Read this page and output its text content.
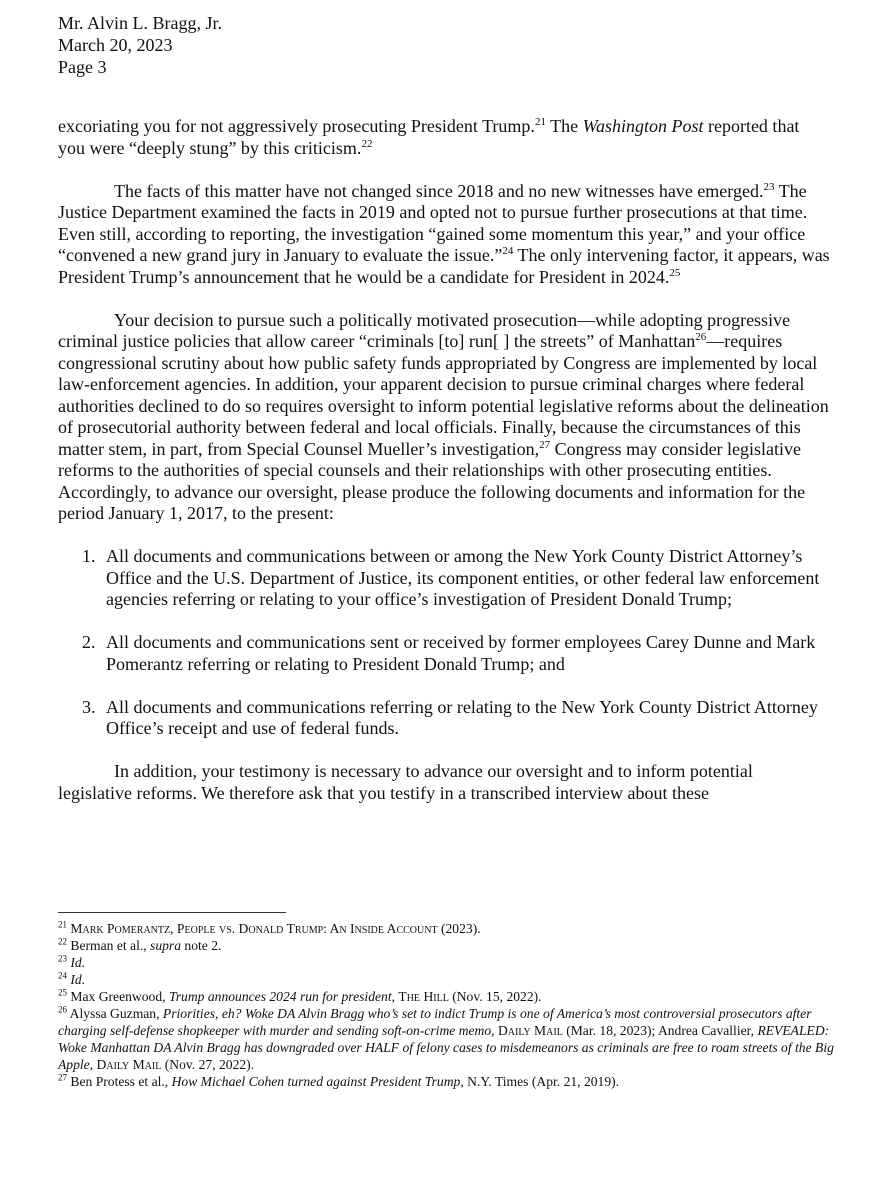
Mr. Alvin L. Bragg, Jr.
March 20, 2023
Page 3

excoriating you for not aggressively prosecuting President Trump.$^{21}$ The Washington Post reported that you were “deeply stung” by this criticism.$^{22}$

The facts of this matter have not changed since 2018 and no new witnesses have emerged.$^{23}$ The Justice Department examined the facts in 2019 and opted not to pursue further prosecutions at that time. Even still, according to reporting, the investigation “gained some momentum this year,” and your office “convened a new grand jury in January to evaluate the issue.”$^{24}$ The only intervening factor, it appears, was President Trump’s announcement that he would be a candidate for President in 2024.25

Your decision to pursue such a politically motivated prosecution—while adopting progressive criminal justice policies that allow career “criminals [to] run[ ] the streets” of Manhattan$^{26}$—requires congressional scrutiny about how public safety funds appropriated by Congress are implemented by local law-enforcement agencies. In addition, your apparent decision to pursue criminal charges where federal authorities declined to do so requires oversight to inform potential legislative reforms about the delineation of prosecutorial authority between federal and local officials. Finally, because the circumstances of this matter stem, in part, from Special Counsel Mueller’s investigation,$^{27}$ Congress may consider legislative reforms to the authorities of special counsels and their relationships with other prosecuting entities. Accordingly, to advance our oversight, please produce the following documents and information for the period January 1, 2017, to the present:

1. All documents and communications between or among the New York County District Attorney’s Office and the U.S. Department of Justice, its component entities, or other federal law enforcement agencies referring or relating to your office’s investigation of President Donald Trump;
2. All documents and communications sent or received by former employees Carey Dunne and Mark Pomerantz referring or relating to President Donald Trump; and
3. All documents and communications referring or relating to the New York County District Attorney Office’s receipt and use of federal funds.

In addition, your testimony is necessary to advance our oversight and to inform potential legislative reforms. We therefore ask that you testify in a transcribed interview about these

$^{21}$ Mark Pomerantz, People vs. Donald Trump: An Inside Account (2023).
$^{22}$ Berman et al., supra note 2.
$^{23}$ Id.
$^{24}$ Id.
$^{25}$ Max Greenwood, Trump announces 2024 run for president, The Hill (Nov. 15, 2022).
$^{26}$ Alyssa Guzman, Priorities, eh? Woke DA Alvin Bragg who’s set to indict Trump is one of America’s most controversial prosecutors after charging self-defense shopkeeper with murder and sending soft-on-crime memo, Daily Mail (Mar. 18, 2023); Andrea Cavallier, REVEALED: Woke Manhattan DA Alvin Bragg has downgraded over HALF of felony cases to misdemeanors as criminals are free to roam streets of the Big Apple, Daily Mail (Nov. 27, 2022).
$^{27}$ Ben Protess et al., How Michael Cohen turned against President Trump, N.Y. Times (Apr. 21, 2019).
